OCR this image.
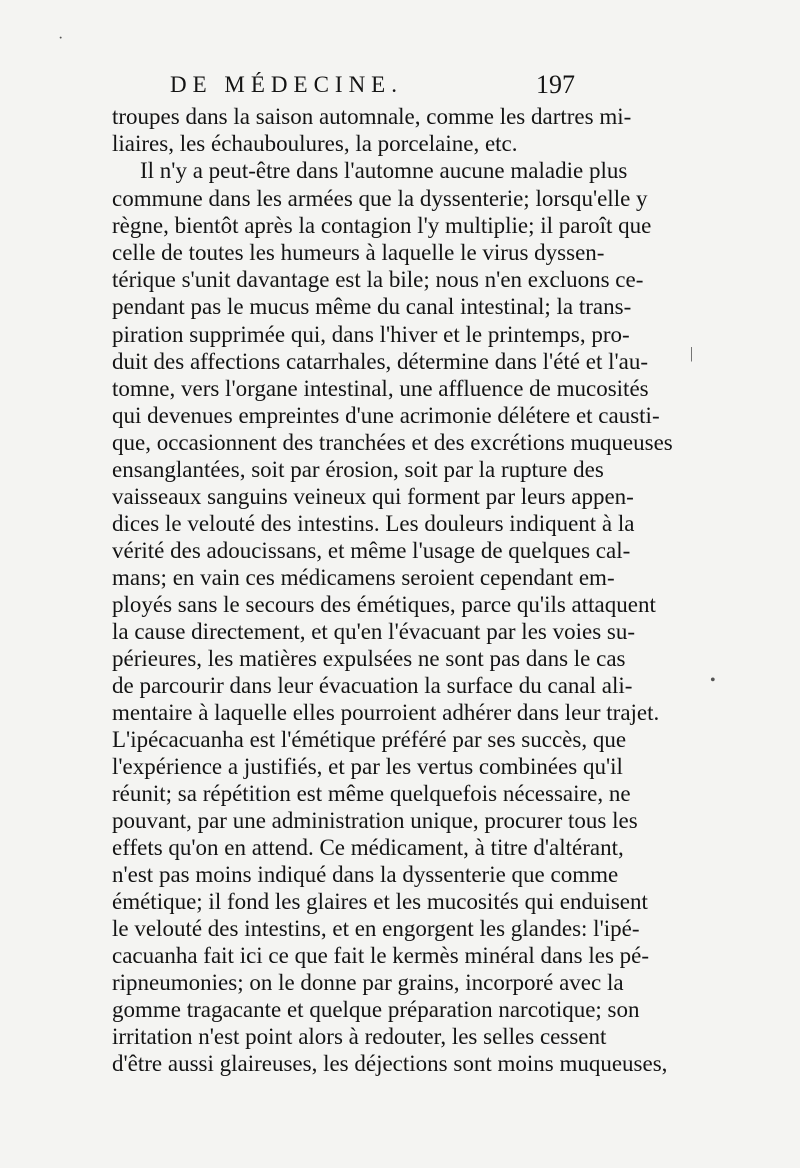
DE MÉDECINE.	197
troupes dans la saison automnale, comme les dartres mi-
liaires, les échauboulures, la porcelaine, etc.
Il n'y a peut-être dans l'automne aucune maladie plus
commune dans les armées que la dyssenterie; lorsqu'elle y
règne, bientôt après la contagion l'y multiplie; il paroît que
celle de toutes les humeurs à laquelle le virus dyssen-
térique s'unit davantage est la bile; nous n'en excluons ce-
pendant pas le mucus même du canal intestinal; la trans-
piration supprimée qui, dans l'hiver et le printemps, pro-
duit des affections catarrhales, détermine dans l'été et l'au-
tomne, vers l'organe intestinal, une affluence de mucosités
qui devenues empreintes d'une acrimonie délétere et causti-
que, occasionnent des tranchées et des excrétions muqueuses
ensanglantées, soit par érosion, soit par la rupture des
vaisseaux sanguins veineux qui forment par leurs appen-
dices le velouté des intestins. Les douleurs indiquent à la
vérité des adoucissans, et même l'usage de quelques cal-
mans; en vain ces médicamens seroient cependant em-
ployés sans le secours des émétiques, parce qu'ils attaquent
la cause directement, et qu'en l'évacuant par les voies su-
périeures, les matières expulsées ne sont pas dans le cas
de parcourir dans leur évacuation la surface du canal ali-
mentaire à laquelle elles pourroient adhérer dans leur trajet.
L'ipécacuanha est l'émétique préféré par ses succès, que
l'expérience a justifiés, et par les vertus combinées qu'il
réunit; sa répétition est même quelquefois nécessaire, ne
pouvant, par une administration unique, procurer tous les
effets qu'on en attend. Ce médicament, à titre d'altérant,
n'est pas moins indiqué dans la dyssenterie que comme
émétique; il fond les glaires et les mucosités qui enduisent
le velouté des intestins, et en engorgent les glandes: l'ipé-
cacuanha fait ici ce que fait le kermès minéral dans les pé-
ripneumonies; on le donne par grains, incorporé avec la
gomme tragacante et quelque préparation narcotique; son
irritation n'est point alors à redouter, les selles cessent
d'être aussi glaireuses, les déjections sont moins muqueuses,
|
•
·
